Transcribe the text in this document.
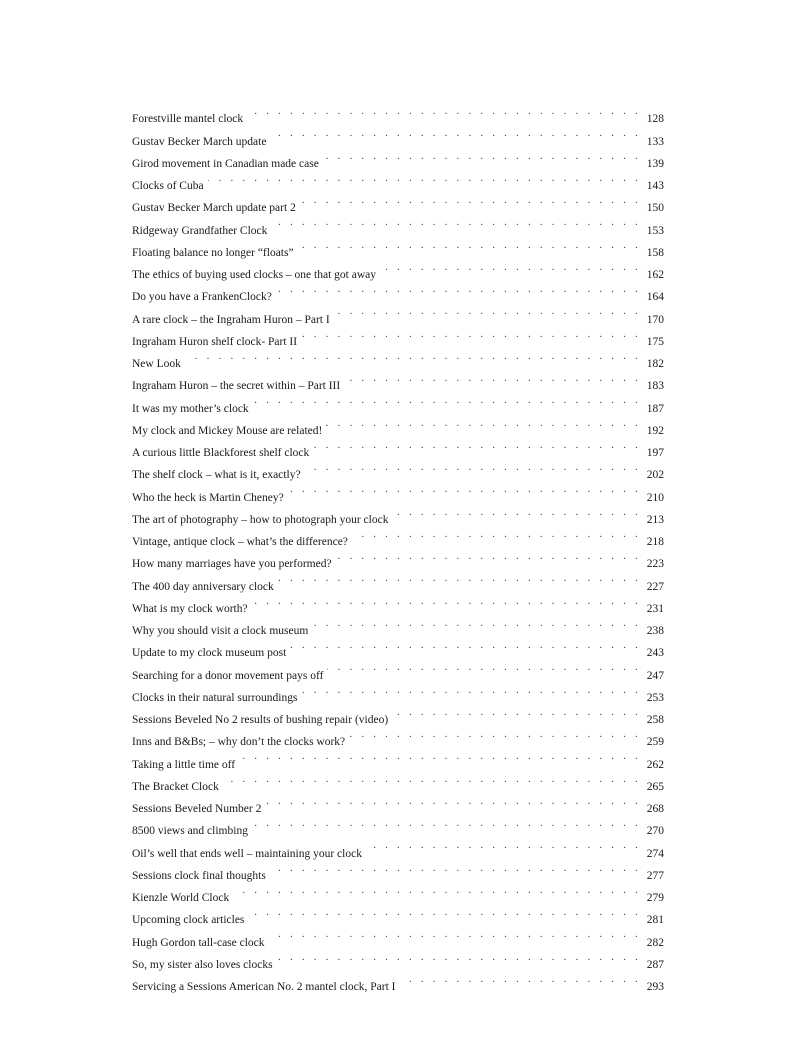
Forestville mantel clock . . .	128
Gustav Becker March update . . .	133
Girod movement in Canadian made case . . .	139
Clocks of Cuba . . .	143
Gustav Becker March update part 2 . . .	150
Ridgeway Grandfather Clock . . .	153
Floating balance no longer “floats” . . .	158
The ethics of buying used clocks – one that got away . . .	162
Do you have a FrankenClock? . . .	164
A rare clock – the Ingraham Huron – Part I . . .	170
Ingraham Huron shelf clock- Part II . . .	175
New Look . . .	182
Ingraham Huron – the secret within – Part III . . .	183
It was my mother’s clock . . .	187
My clock and Mickey Mouse are related! . . .	192
A curious little Blackforest shelf clock . . .	197
The shelf clock – what is it, exactly? . . .	202
Who the heck is Martin Cheney? . . .	210
The art of photography – how to photograph your clock . . .	213
Vintage, antique clock – what’s the difference? . . .	218
How many marriages have you performed? . . .	223
The 400 day anniversary clock . . .	227
What is my clock worth? . . .	231
Why you should visit a clock museum . . .	238
Update to my clock museum post . . .	243
Searching for a donor movement pays off . . .	247
Clocks in their natural surroundings . . .	253
Sessions Beveled No 2 results of bushing repair (video) . . .	258
Inns and B&Bs; – why don’t the clocks work? . . .	259
Taking a little time off . . .	262
The Bracket Clock . . .	265
Sessions Beveled Number 2 . . .	268
8500 views and climbing . . .	270
Oil’s well that ends well – maintaining your clock . . .	274
Sessions clock final thoughts . . .	277
Kienzle World Clock . . .	279
Upcoming clock articles . . .	281
Hugh Gordon tall-case clock . . .	282
So, my sister also loves clocks . . .	287
Servicing a Sessions American No. 2 mantel clock, Part I . . .	293
